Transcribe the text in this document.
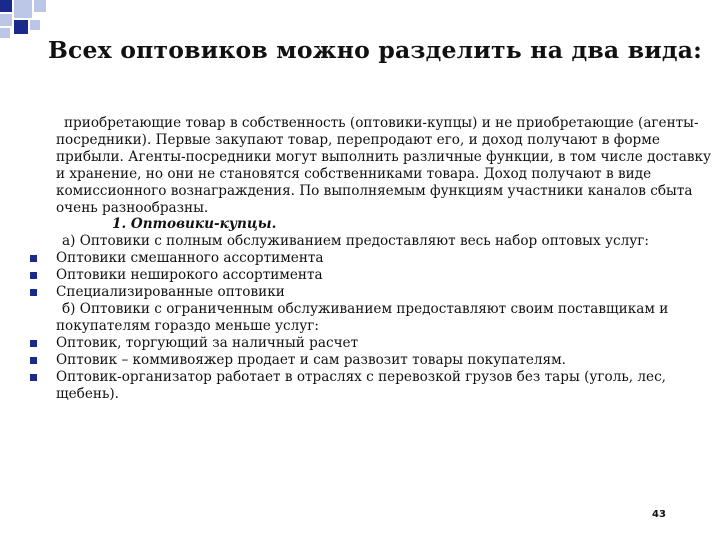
Всех оптовиков можно разделить на два вида:

приобретающие товар в собственность (оптовики-купцы) и не приобретающие (агенты-посредники). Первые закупают товар, перепродают его, и доход получают в форме прибыли. Агенты-посредники могут выполнить различные функции, в том числе доставку и хранение, но они не становятся собственниками товара. Доход получают в виде комиссионного вознаграждения. По выполняемым функциям участники каналов сбыта очень разнообразны.

1. Оптовики-купцы.

а) Оптовики с полным обслуживанием предоставляют весь набор оптовых услуг:

Оптовики смешанного ассортимента
Оптовики неширокого ассортимента
Специализированные оптовики

б) Оптовики с ограниченным обслуживанием предоставляют своим поставщикам и покупателям гораздо меньше услуг:

Оптовик, торгующий за наличный расчет
Оптовик – коммивояжер продает и сам развозит товары покупателям.
Оптовик-организатор работает в отраслях с перевозкой грузов без тары (уголь, лес, щебень).
43
